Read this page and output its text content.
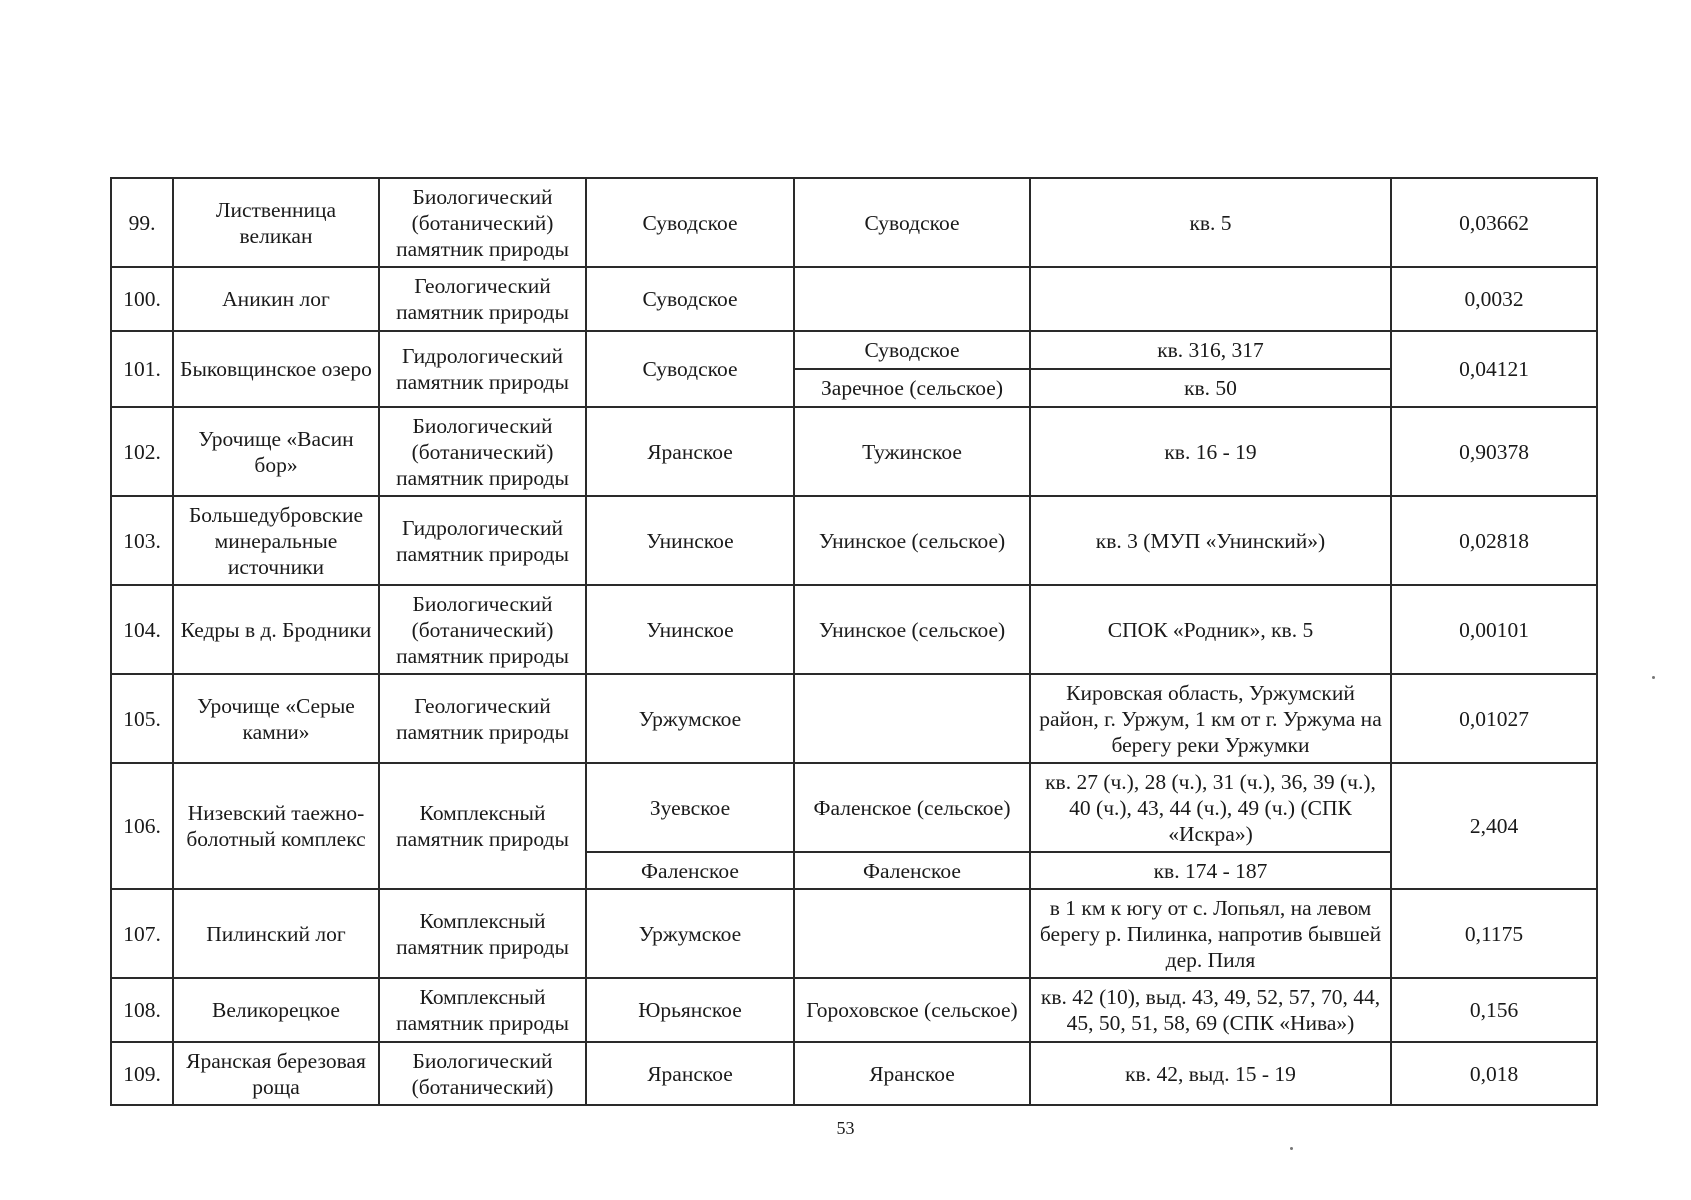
99.	Лиственница великан	Биологический (ботанический) памятник природы	Суводское	Суводское	кв. 5	0,03662
100.	Аникин лог	Геологический памятник природы	Суводское			0,0032
101.	Быковщинское озеро	Гидрологический памятник природы	Суводское	Суводское	кв. 316, 317	0,04121
				Заречное (сельское)	кв. 50	
102.	Урочище «Васин бор»	Биологический (ботанический) памятник природы	Яранское	Тужинское	кв. 16 - 19	0,90378
103.	Большедубровские минеральные источники	Гидрологический памятник природы	Унинское	Унинское (сельское)	кв. 3 (МУП «Унинский»)	0,02818
104.	Кедры в д. Бродники	Биологический (ботанический) памятник природы	Унинское	Унинское (сельское)	СПОК «Родник», кв. 5	0,00101
105.	Урочище «Серые камни»	Геологический памятник природы	Уржумское		Кировская область, Уржумский район, г. Уржум, 1 км от г. Уржума на берегу реки Уржумки	0,01027
106.	Низевский таежно-болотный комплекс	Комплексный памятник природы	Зуевское	Фаленское (сельское)	кв. 27 (ч.), 28 (ч.), 31 (ч.), 36, 39 (ч.), 40 (ч.), 43, 44 (ч.), 49 (ч.) (СПК «Искра»)	2,404
			Фаленское	Фаленское	кв. 174 - 187	
107.	Пилинский лог	Комплексный памятник природы	Уржумское		в 1 км к югу от с. Лопьял, на левом берегу р. Пилинка, напротив бывшей дер. Пиля	0,1175
108.	Великорецкое	Комплексный памятник природы	Юрьянское	Гороховское (сельское)	кв. 42 (10), выд. 43, 49, 52, 57, 70, 44, 45, 50, 51, 58, 69 (СПК «Нива»)	0,156
109.	Яранская березовая роща	Биологический (ботанический)	Яранское	Яранское	кв. 42, выд. 15 - 19	0,018
53
